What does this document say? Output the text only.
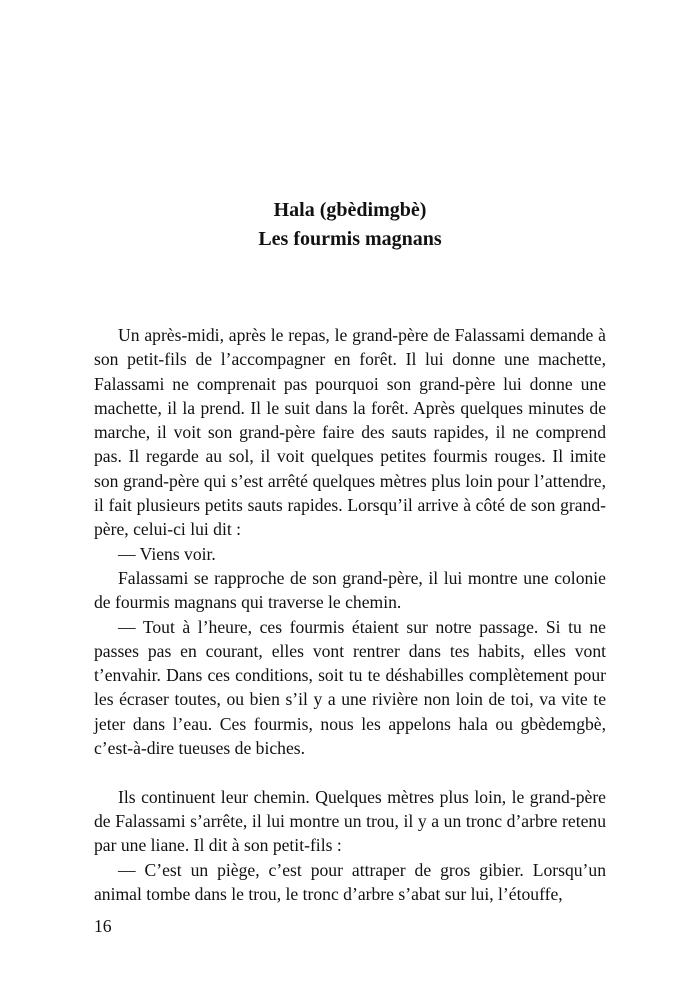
Hala (gbèdimgbè)
Les fourmis magnans

Un après-midi, après le repas, le grand-père de Falassami demande à son petit-fils de l’accompagner en forêt. Il lui donne une machette, Falassami ne comprenait pas pourquoi son grand-père lui donne une machette, il la prend. Il le suit dans la forêt. Après quelques minutes de marche, il voit son grand-père faire des sauts rapides, il ne comprend pas. Il regarde au sol, il voit quelques petites fourmis rouges. Il imite son grand-père qui s’est arrêté quelques mètres plus loin pour l’attendre, il fait plusieurs petits sauts rapides. Lorsqu’il arrive à côté de son grand-père, celui-ci lui dit :

— Viens voir.

Falassami se rapproche de son grand-père, il lui montre une colonie de fourmis magnans qui traverse le chemin.

— Tout à l’heure, ces fourmis étaient sur notre passage. Si tu ne passes pas en courant, elles vont rentrer dans tes habits, elles vont t’envahir. Dans ces conditions, soit tu te déshabilles complètement pour les écraser toutes, ou bien s’il y a une rivière non loin de toi, va vite te jeter dans l’eau. Ces fourmis, nous les appelons hala ou gbèdemgbè, c’est-à-dire tueuses de biches.

Ils continuent leur chemin. Quelques mètres plus loin, le grand-père de Falassami s’arrête, il lui montre un trou, il y a un tronc d’arbre retenu par une liane. Il dit à son petit-fils :

— C’est un piège, c’est pour attraper de gros gibier. Lorsqu’un animal tombe dans le trou, le tronc d’arbre s’abat sur lui, l’étouffe,

16
